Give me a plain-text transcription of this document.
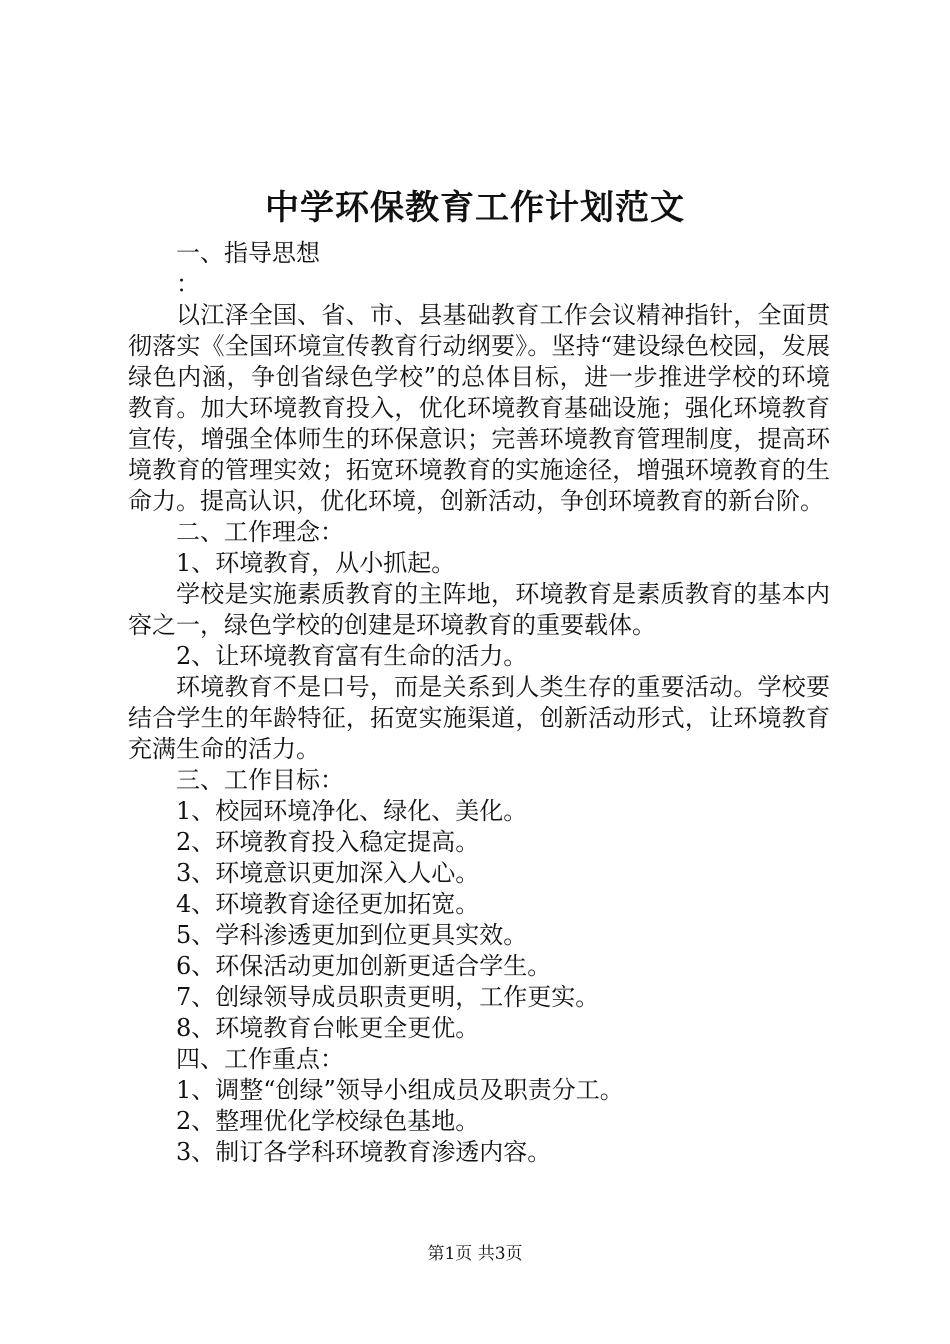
中学环保教育工作计划范文
一、指导思想
：

以江泽全国、省、市、县基础教育工作会议精神指针，全面贯彻落实《全国环境宣传教育行动纲要》。坚持“建设绿色校园，发展绿色内涵，争创省绿色学校”的总体目标，进一步推进学校的环境教育。加大环境教育投入，优化环境教育基础设施；强化环境教育宣传，增强全体师生的环保意识；完善环境教育管理制度，提高环境教育的管理实效；拓宽环境教育的实施途径，增强环境教育的生命力。提高认识，优化环境，创新活动，争创环境教育的新台阶。

二、工作理念：
1、环境教育，从小抓起。

学校是实施素质教育的主阵地，环境教育是素质教育的基本内容之一，绿色学校的创建是环境教育的重要载体。

2、让环境教育富有生命的活力。

环境教育不是口号，而是关系到人类生存的重要活动。学校要结合学生的年龄特征，拓宽实施渠道，创新活动形式，让环境教育充满生命的活力。

三、工作目标：
1、校园环境净化、绿化、美化。
2、环境教育投入稳定提高。
3、环境意识更加深入人心。
4、环境教育途径更加拓宽。
5、学科渗透更加到位更具实效。
6、环保活动更加创新更适合学生。
7、创绿领导成员职责更明，工作更实。
8、环境教育台帐更全更优。
四、工作重点：
1、调整“创绿”领导小组成员及职责分工。
2、整理优化学校绿色基地。
3、制订各学科环境教育渗透内容。
第1页 共3页
